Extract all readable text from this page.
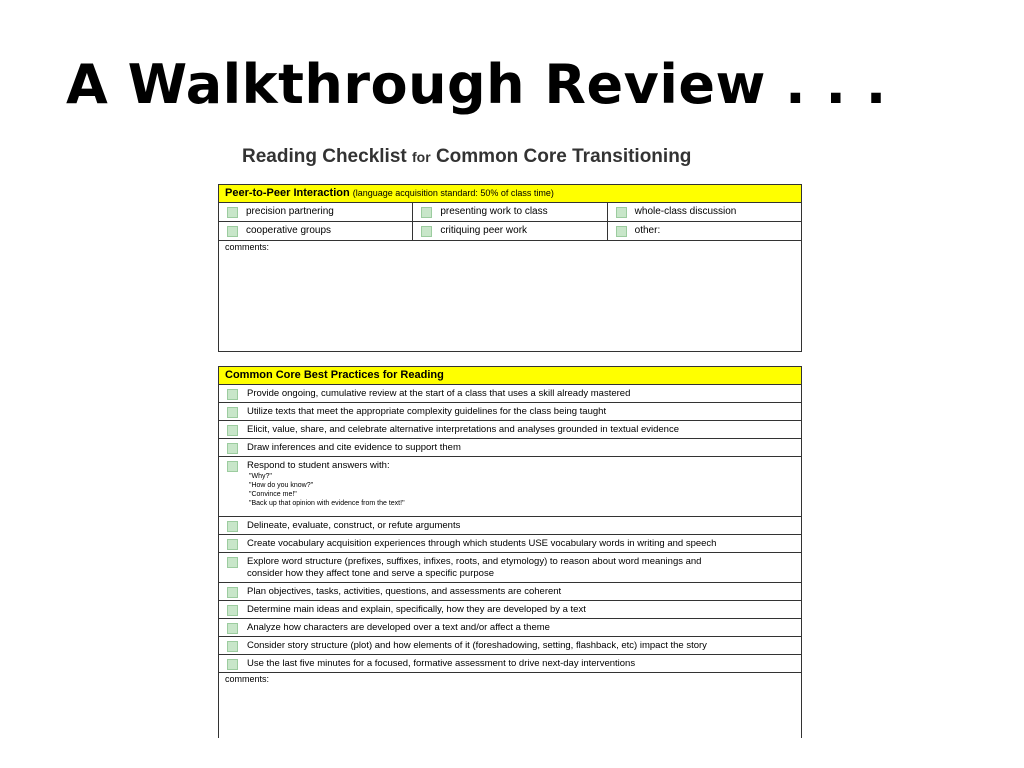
A Walkthrough Review . . .
Reading Checklist for Common Core Transitioning
Peer-to-Peer Interaction (language acquisition standard: 50% of class time)
precision partnering	presenting work to class	whole-class discussion
cooperative groups	critiquing peer work	other:
comments:
Common Core Best Practices for Reading
Provide ongoing, cumulative review at the start of a class that uses a skill already mastered
Utilize texts that meet the appropriate complexity guidelines for the class being taught
Elicit, value, share, and celebrate alternative interpretations and analyses grounded in textual evidence
Draw inferences and cite evidence to support them
Respond to student answers with:
"Why?"
"How do you know?"
"Convince me!"
"Back up that opinion with evidence from the text!"
Delineate, evaluate, construct, or refute arguments
Create vocabulary acquisition experiences through which students USE vocabulary words in writing and speech
Explore word structure (prefixes, suffixes, infixes, roots, and etymology) to reason about word meanings and
consider how they affect tone and serve a specific purpose
Plan objectives, tasks, activities, questions, and assessments are coherent
Determine main ideas and explain, specifically, how they are developed by a text
Analyze how characters are developed over a text and/or affect a theme
Consider story structure (plot) and how elements of it (foreshadowing, setting, flashback, etc) impact the story
Use the last five minutes for a focused, formative assessment to drive next-day interventions
comments:
